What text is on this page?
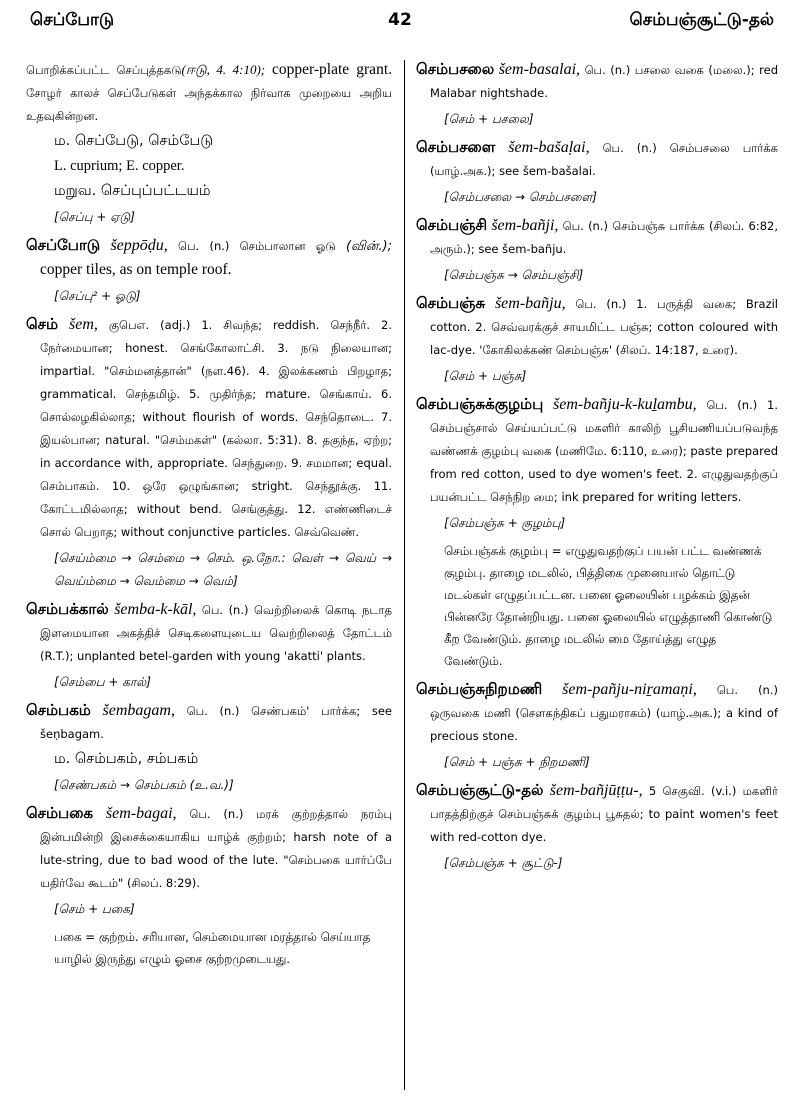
செப்போடு	42	செம்பஞ்சூட்டு-தல்

பொறிக்கப்பட்ட செப்புத்தகடு(ஈடு, 4. 4:10); copper-plate grant. சோழர் காலச் செப்பேடுகள் அந்தக்கால நிர்வாக முறையை அறிய உதவுகின்றன.

ம. செப்பேடு, செம்பேடு
L. cuprium; E. copper.
மறுவ. செப்புப்பட்டயம்
[செப்பு + ஏடு]

செப்போடு šeppōḍu, பெ. (n.) செம்பாலான ஓடு (வின்.); copper tiles, as on temple roof.

[செப்பு² + ஓடு]

செம் šem, குபெஎ. (adj.) 1. சிவந்த; reddish. செந்நீர். 2. நேர்மையான; honest. செங்கோலாட்சி. 3. நடு நிலையான; impartial. "செம்மனத்தான்" (நள.46). 4. இலக்கணம் பிறழாத; grammatical. செந்தமிழ். 5. முதிர்ந்த; mature. செங்காய். 6. சொல்லழகில்லாத; without flourish of words. செந்தொடை. 7. இயல்பான; natural. "செம்மகள்" (கல்லா. 5:31). 8. தகுந்த, ஏற்ற; in accordance with, appropriate. செந்துறை. 9. சமமான; equal. செம்பாகம். 10. ஒரே ஒழுங்கான; stright. செந்தூக்கு. 11. கோட்டமில்லாத; without bend. செங்குத்து. 12. எண்ணிடைச் சொல் பெறாத; without conjunctive particles. செவ்வெண்.

[செய்ம்மை → செம்மை → செம். ஒ.நோ.: வெள் → வெய் → வெய்ம்மை → வெம்மை → வெம்]

செம்பக்கால் šemba-k-kāl, பெ. (n.) வெற்றிலைக் கொடி நடாத இளமையான அகத்திச் செடிகளையுடைய வெற்றிலைத் தோட்டம் (R.T.); unplanted betel-garden with young 'akatti' plants.

[செம்பை + கால்]

செம்பகம் šembagam, பெ. (n.) செண்பகம்' பார்க்க; see šeṇbagam.

ம. செம்பகம், சம்பகம்
[செண்பகம் → செம்பகம் (உ.வ.)]

செம்பகை šem-bagai, பெ. (n.) மரக் குற்றத்தால் நரம்பு இன்பமின்றி இசைக்கையாகிய யாழ்க் குற்றம்; harsh note of a lute-string, due to bad wood of the lute. "செம்பகை யார்ப்பே யதிர்வே கூடம்" (சிலப். 8:29).

[செம் + பகை]
பகை = குற்றம். சரியான, செம்மையான மரத்தால் செய்யாத யாழில் இருந்து எழும் ஓசை குற்றமுடையது.

செம்பசலை šem-basalai, பெ. (n.) பசலை வகை (மலை.); red Malabar nightshade.

[செம் + பசலை]

செம்பசளை šem-bašaḷai, பெ. (n.) செம்பசலை பார்க்க (யாழ்.அக.); see šem-bašalai.

[செம்பசலை → செம்பசளை]

செம்பஞ்சி šem-bañji, பெ. (n.) செம்பஞ்சு பார்க்க (சிலப். 6:82, அரும்.); see šem-bañju.

[செம்பஞ்சு → செம்பஞ்சி]

செம்பஞ்சு šem-bañju, பெ. (n.) 1. பருத்தி வகை; Brazil cotton. 2. செவ்வரக்குச் சாயமிட்ட பஞ்சு; cotton coloured with lac-dye. 'கோகிலக்கண் செம்பஞ்சு' (சிலப். 14:187, உரை).

[செம் + பஞ்சு]

செம்பஞ்சுக்குழம்பு šem-bañju-k-kuḻambu, பெ. (n.) 1. செம்பஞ்சால் செய்யப்பட்டு மகளிர் காலிற் பூசியணியப்படுவந்த வண்ணக் குழம்பு வகை (மணிமே. 6:110, உரை); paste prepared from red cotton, used to dye women's feet. 2. எழுதுவதற்குப் பயன்பட்ட செந்நிற மை; ink prepared for writing letters.

[செம்பஞ்சு + குழம்பு]
செம்பஞ்சுக் குழம்பு = எழுதுவதற்குப் பயன் பட்ட வண்ணக் குழம்பு. தாழை மடலில், பித்திகை முனையால் தொட்டு மடல்கள் எழுதப்பட்டன. பனை ஓலையின் பழக்கம் இதன் பின்னரே தோன்றியது. பனை ஓலையில் எழுத்தாணி கொண்டு கீற வேண்டும். தாழை மடலில் மை தோய்த்து எழுத வேண்டும்.

செம்பஞ்சுநிறமணி šem-pañju-niṟamaṇi, பெ. (n.) ஒருவகை மணி (சௌகந்திகப் பதுமராகம்) (யாழ்.அக.); a kind of precious stone.

[செம் + பஞ்சு + நிறமணி]

செம்பஞ்சூட்டு-தல் šem-bañjūṭṭu-, 5 செகுவி. (v.i.) மகளிர் பாதத்திற்குச் செம்பஞ்சுக் குழம்பு பூசுதல்; to paint women's feet with red-cotton dye.

[செம்பஞ்சு + சூட்டு-]
